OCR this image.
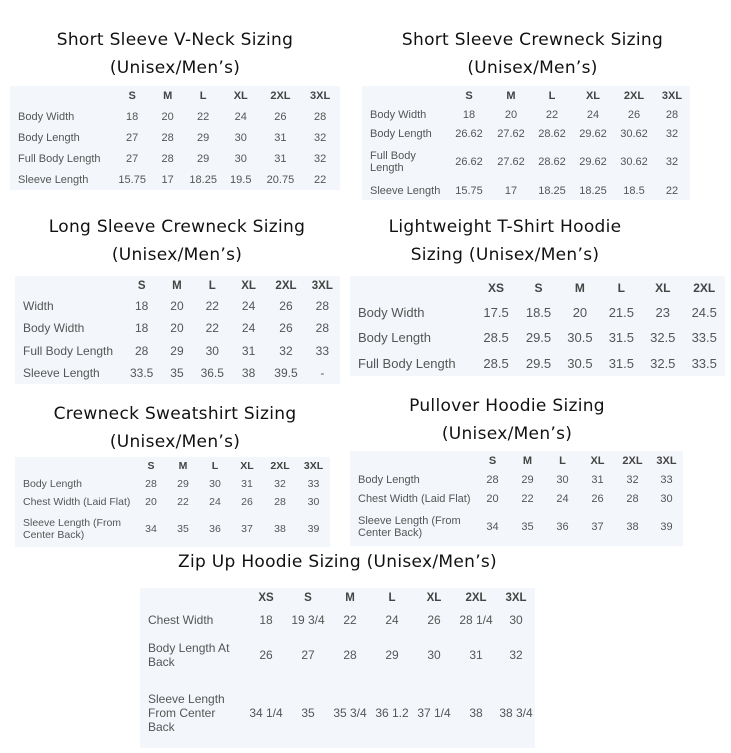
Short Sleeve V-Neck Sizing
(Unisex/Men’s)
	S	M	L	XL	2XL	3XL
Body Width	18	20	22	24	26	28
Body Length	27	28	29	30	31	32
Full Body Length	27	28	29	30	31	32
Sleeve Length	15.75	17	18.25	19.5	20.75	22
Short Sleeve Crewneck Sizing
(Unisex/Men’s)
	S	M	L	XL	2XL	3XL
Body Width	18	20	22	24	26	28
Body Length	26.62	27.62	28.62	29.62	30.62	32
Full Body Length	26.62	27.62	28.62	29.62	30.62	32
Sleeve Length	15.75	17	18.25	18.25	18.5	22
Long Sleeve Crewneck Sizing
(Unisex/Men’s)
	S	M	L	XL	2XL	3XL
Width	18	20	22	24	26	28
Body Width	18	20	22	24	26	28
Full Body Length	28	29	30	31	32	33
Sleeve Length	33.5	35	36.5	38	39.5	-
Lightweight T-Shirt Hoodie
Sizing (Unisex/Men’s)
	XS	S	M	L	XL	2XL
Body Width	17.5	18.5	20	21.5	23	24.5
Body Length	28.5	29.5	30.5	31.5	32.5	33.5
Full Body Length	28.5	29.5	30.5	31.5	32.5	33.5
Crewneck Sweatshirt Sizing
(Unisex/Men’s)
	S	M	L	XL	2XL	3XL
Body Length	28	29	30	31	32	33
Chest Width (Laid Flat)	20	22	24	26	28	30
Sleeve Length (From Center Back)	34	35	36	37	38	39
Pullover Hoodie Sizing
(Unisex/Men’s)
	S	M	L	XL	2XL	3XL
Body Length	28	29	30	31	32	33
Chest Width (Laid Flat)	20	22	24	26	28	30
Sleeve Length (From Center Back)	34	35	36	37	38	39
Zip Up Hoodie Sizing (Unisex/Men’s)
	XS	S	M	L	XL	2XL	3XL
Chest Width	18	19 3/4	22	24	26	28 1/4	30
Body Length At Back	26	27	28	29	30	31	32
Sleeve Length From Center Back	34 1/4	35	35 3/4	36 1.2	37 1/4	38	38 3/4
